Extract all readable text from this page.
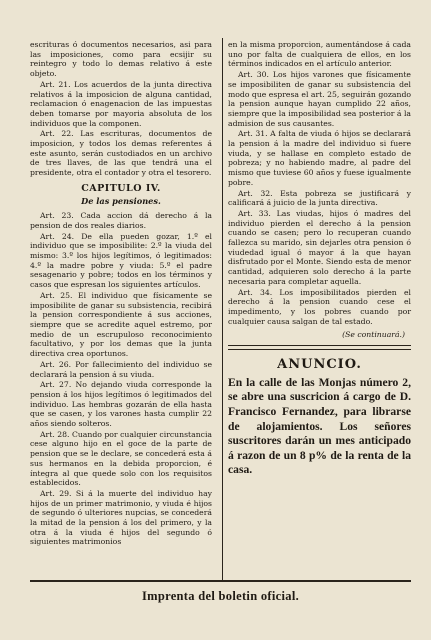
escrituras ó documentos necesarios, asi para las imposiciones, como para ecsijir su reintegro y todo lo demas relativo á este objeto.

Art. 21. Los acuerdos de la junta directiva relativos á la imposicion de alguna cantidad, reclamacion ó enagenacion de las impuestas deben tomarse por mayoria absoluta de los individuos que la componen.

Art. 22. Las escrituras, documentos de imposicion, y todos los demas referentes á este asunto, serán custodiados en un archivo de tres llaves, de las que tendrá una el presidente, otra el contador y otra el tesorero.

CAPITULO IV.
De las pensiones.

Art. 23. Cada accion dá derecho á la pension de dos reales diarios.

Art. 24. De ella pueden gozar, 1.º el individuo que se imposibilite: 2.º la viuda del mismo: 3.º los hijos legítimos, ó legitimados: 4.º la madre pobre y viuda: 5.º el padre sesagenario y pobre; todos en los términos y casos que espresan los siguientes artículos.

Art. 25. El individuo que físicamente se imposibilite de ganar su subsistencia, recibirá la pension correspondiente á sus acciones, siempre que se acredite aquel estremo, por medio de un escrupuloso reconocimiento facultativo, y por los demas que la junta directiva crea oportunos.

Art. 26. Por fallecimiento del individuo se declarará la pension á su viuda.

Art. 27. No dejando viuda corresponde la pension á los hijos legítimos ó legitimados del individuo. Las hembras gozarán de ella hasta que se casen, y los varones hasta cumplir 22 años siendo solteros.

Art. 28. Cuando por cualquier circunstancia cese alguno hijo en el goce de la parte de pension que se le declare, se concederá esta á sus hermanos en la debida proporcion, é íntegra al que quede solo con los requisitos establecidos.

Art. 29. Si á la muerte del individuo hay hijos de un primer matrimonio, y viuda é hijos de segundo ó ulteriores nupcias, se concederá la mitad de la pension á los del primero, y la otra á la viuda é hijos del segundo ó siguientes matrimonios

en la misma proporcion, aumentándose á cada uno por falta de cualquiera de ellos, en los términos indicados en el artículo anterior.

Art. 30. Los hijos varones que físicamente se imposibiliten de ganar su subsistencia del modo que espresa el art. 25, seguirán gozando la pension aunque hayan cumplido 22 años, siempre que la imposibilidad sea posterior á la admision de sus causantes.

Art. 31. A falta de viuda ó hijos se declarará la pension á la madre del individuo si fuere viuda, y se hallase en completo estado de pobreza; y no habiendo madre, al padre del mismo que tuviese 60 años y fuese igualmente pobre.

Art. 32. Esta pobreza se justificará y calificará á juicio de la junta directiva.

Art. 33. Las viudas, hijos ó madres del individuo pierden el derecho á la pension cuando se casen; pero lo recuperan cuando fallezca su marido, sin dejarles otra pension ó viudedad igual ó mayor á la que hayan disfrutado por el Monte. Siendo esta de menor cantidad, adquieren solo derecho á la parte necesaria para completar aquella.

Art. 34. Los imposibilitados pierden el derecho á la pension cuando cese el impedimento, y los pobres cuando por cualquier causa salgan de tal estado.

(Se continuará.)
ANUNCIO.
En la calle de las Monjas número 2, se abre una suscricion á cargo de D. Francisco Fernandez, para librarse de alojamientos. Los señores suscritores darán un mes anticipado á razon de un 8 p% de la renta de la casa.
Imprenta del boletin oficial.
